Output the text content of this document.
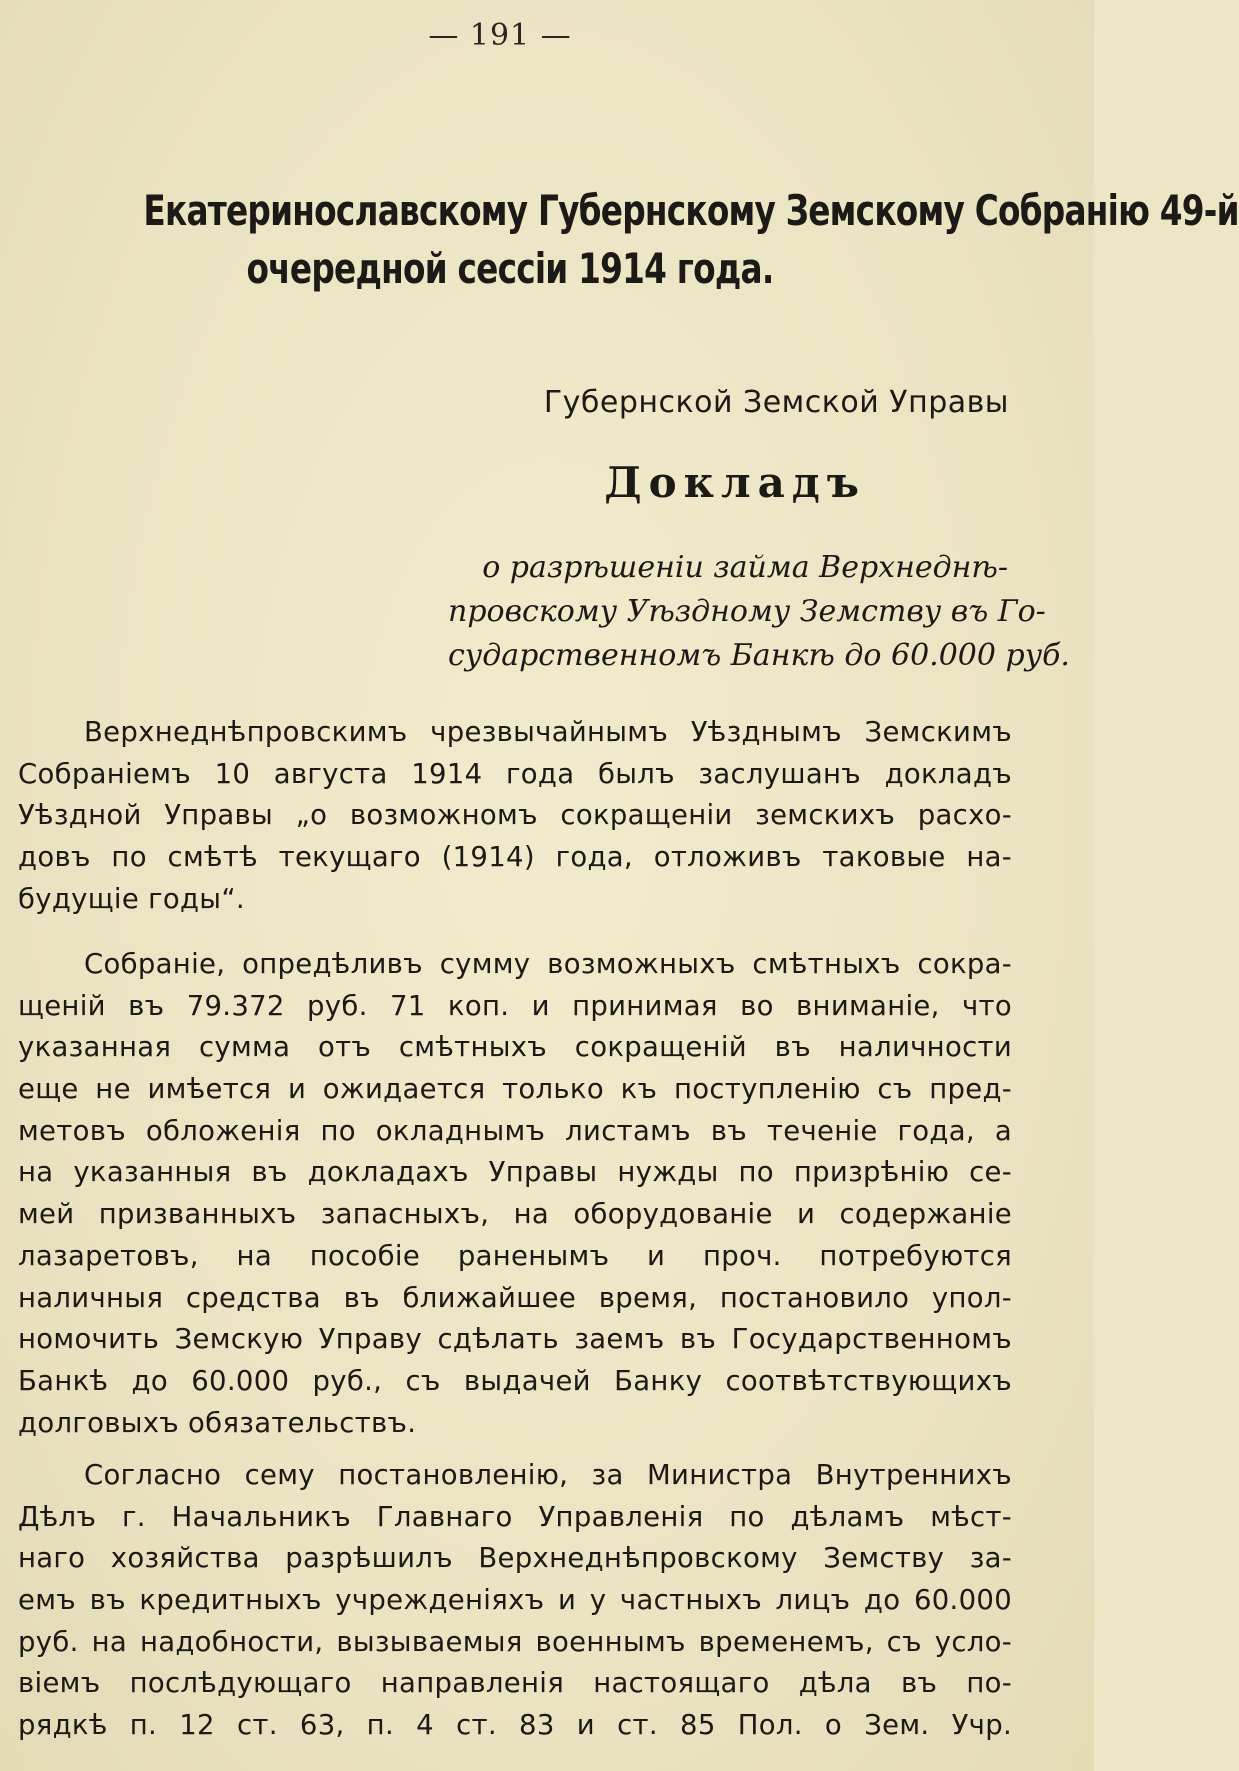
— 191 —
Екатеринославскому Губернскому Земскому Собранію 49-й
очередной сессіи 1914 года.
Губернской Земской Управы
Докладъ
о разрѣшеніи займа Верхнеднѣ-
провскому Уѣздному Земству въ Го-
сударственномъ Банкѣ до 60.000 руб.
Верхнеднѣпровскимъ чрезвычайнымъ Уѣзднымъ Земскимъ
Собраніемъ 10 августа 1914 года былъ заслушанъ докладъ
Уѣздной Управы „о возможномъ сокращеніи земскихъ расхо-
довъ по смѣтѣ текущаго (1914) года, отложивъ таковые на-
будущіе годы“.
Собраніе, опредѣливъ сумму возможныхъ смѣтныхъ сокра-
щеній въ 79.372 руб. 71 коп. и принимая во вниманіе, что
указанная сумма отъ смѣтныхъ сокращеній въ наличности
еще не имѣется и ожидается только къ поступленію съ пред-
метовъ обложенія по окладнымъ листамъ въ теченіе года, а
на указанныя въ докладахъ Управы нужды по призрѣнію се-
мей призванныхъ запасныхъ, на оборудованіе и содержаніе
лазаретовъ, на пособіе раненымъ и проч. потребуются
наличныя средства въ ближайшее время, постановило упол-
номочить Земскую Управу сдѣлать заемъ въ Государственномъ
Банкѣ до 60.000 руб., съ выдачей Банку соотвѣтствующихъ
долговыхъ обязательствъ.
Согласно сему постановленію, за Министра Внутреннихъ
Дѣлъ г. Начальникъ Главнаго Управленія по дѣламъ мѣст-
наго хозяйства разрѣшилъ Верхнеднѣпровскому Земству за-
емъ въ кредитныхъ учрежденіяхъ и у частныхъ лицъ до 60.000
руб. на надобности, вызываемыя военнымъ временемъ, съ усло-
віемъ послѣдующаго направленія настоящаго дѣла въ по-
рядкѣ п. 12 ст. 63, п. 4 ст. 83 и ст. 85 Пол. о Зем. Учр.
